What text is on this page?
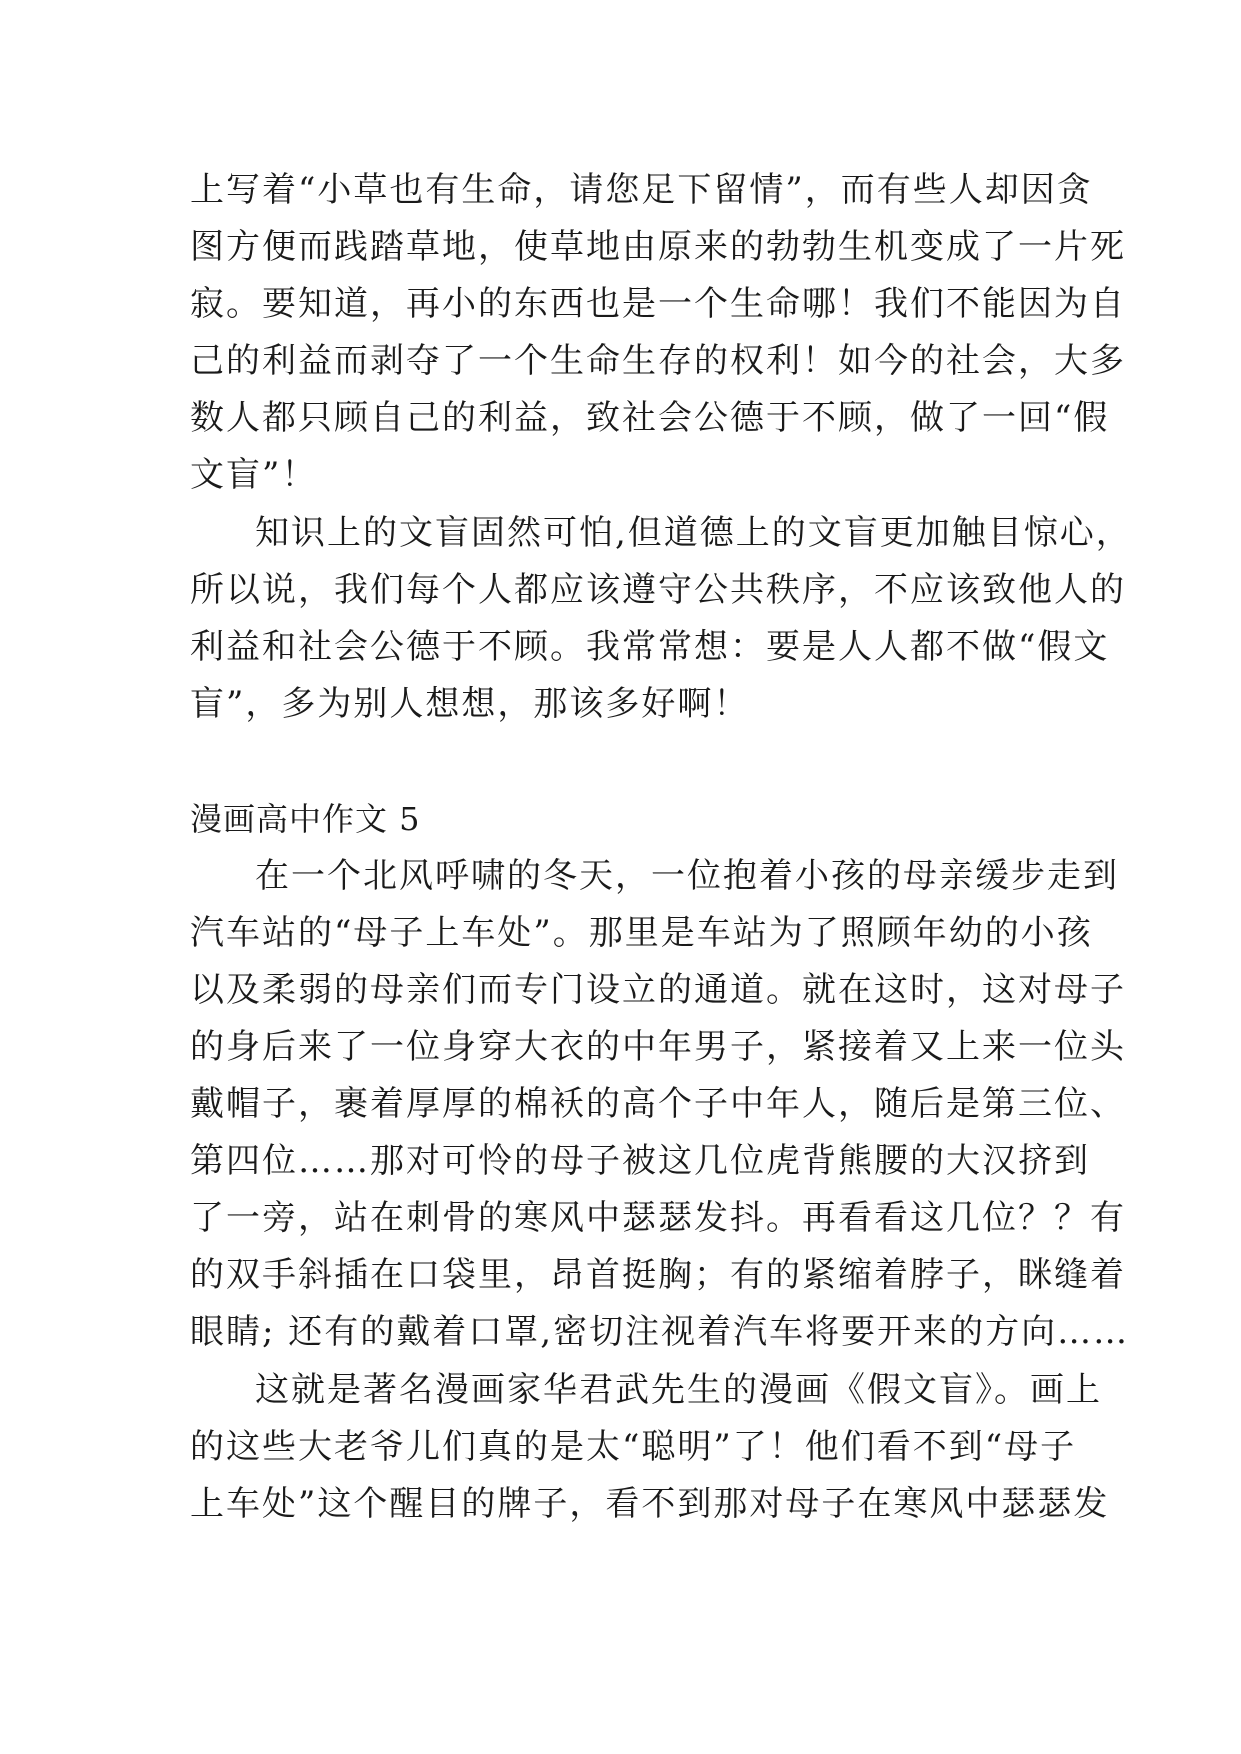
上写着“小草也有生命，请您足下留情”，而有些人却因贪
图方便而践踏草地，使草地由原来的勃勃生机变成了一片死
寂。要知道，再小的东西也是一个生命哪！我们不能因为自
己的利益而剥夺了一个生命生存的权利！如今的社会，大多
数人都只顾自己的利益，致社会公德于不顾，做了一回“假
文盲”！
知识上的文盲固然可怕,但道德上的文盲更加触目惊心，
所以说，我们每个人都应该遵守公共秩序，不应该致他人的
利益和社会公德于不顾。我常常想：要是人人都不做“假文
盲”，多为别人想想，那该多好啊！
漫画高中作文 5
在一个北风呼啸的冬天，一位抱着小孩的母亲缓步走到
汽车站的“母子上车处”。那里是车站为了照顾年幼的小孩
以及柔弱的母亲们而专门设立的通道。就在这时，这对母子
的身后来了一位身穿大衣的中年男子，紧接着又上来一位头
戴帽子，裹着厚厚的棉袄的高个子中年人，随后是第三位、
第四位……那对可怜的母子被这几位虎背熊腰的大汉挤到
了一旁，站在刺骨的寒风中瑟瑟发抖。再看看这几位？？有
的双手斜插在口袋里，昂首挺胸；有的紧缩着脖子，眯缝着
眼睛; 还有的戴着口罩,密切注视着汽车将要开来的方向……
这就是著名漫画家华君武先生的漫画《假文盲》。画上
的这些大老爷儿们真的是太“聪明”了！他们看不到“母子
上车处”这个醒目的牌子，看不到那对母子在寒风中瑟瑟发
